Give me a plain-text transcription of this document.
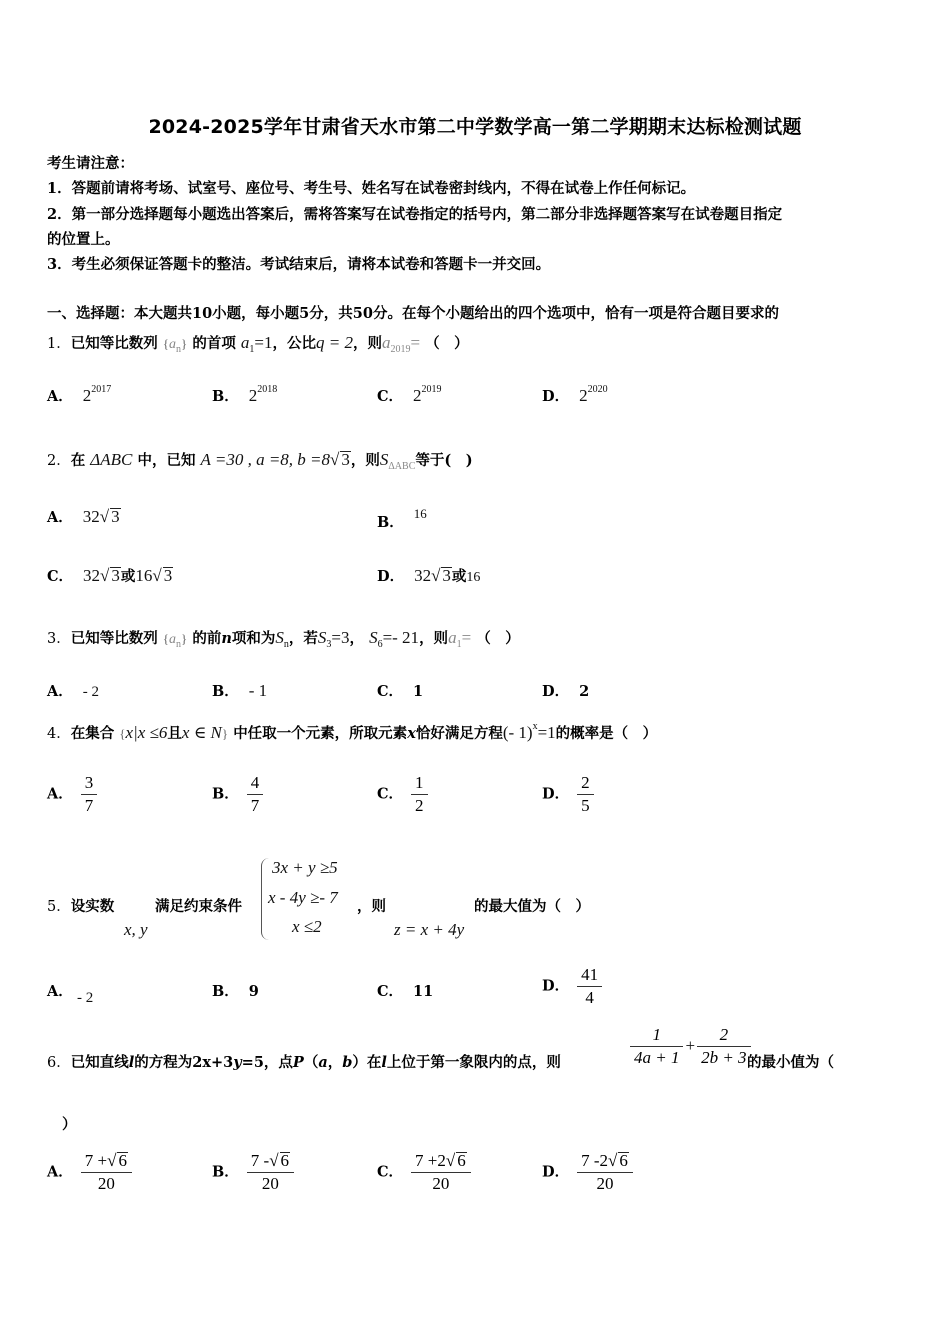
2024-2025学年甘肃省天水市第二中学数学高一第二学期期末达标检测试题
考生请注意：
1．答题前请将考场、试室号、座位号、考生号、姓名写在试卷密封线内，不得在试卷上作任何标记。
2．第一部分选择题每小题选出答案后，需将答案写在试卷指定的括号内，第二部分非选择题答案写在试卷题目指定
的位置上。
3．考生必须保证答题卡的整洁。考试结束后，请将本试卷和答题卡一并交回。
一、选择题：本大题共10小题，每小题5分，共50分。在每个小题给出的四个选项中，恰有一项是符合题目要求的
1．已知等比数列 $\{a_n\}$ 的首项 $a_1=1$，公比q = 2，则$a_{2019}=$ （　）
A． $2^{2017}$	B． $2^{2018}$	C． $2^{2019}$	D． $2^{2020}$
2．在 ΔABC 中，已知 A =30 , a =8, b =8√ 3，则$S_{\Delta ABC}$等于(　)
A． 32√ 3	B．16
C． 32√ 3或16√ 3	D． 32√ 3或16
3．已知等比数列 $\{a_n\}$ 的前n项和为$S_n$，若$S_3=3$， $S_6=-$ 21，则$a_1=$ （　）
A． - 2	B． - 1	C． 1	D． 2
4．在集合 {x|x ≤6且x ∈ N} 中任取一个元素，所取元素x恰好满足方程(- 1)$^x$=1的概率是（　）
A． $\frac{3}{7}$	B． $\frac{4}{7}$	C． $\frac{1}{2}$	D． $\frac{2}{5}$
5．设实数
x, y
满足约束条件
3x + y ≥5
x - 4y ≥- 7
x ≤2
，则
z = x + 4y
的最大值为（　）
A． - 2	B． 9	C． 11	D． $\frac{41}{4}$
6．已知直线l的方程为2x+3y=5，点P（a，b）在l上位于第一象限内的点，则	$\frac{1}{4a + 1} + \frac{2}{2b + 3}$
的最小值为（
）
A． $\frac{7 +√ 6}{20}$	B． $\frac{7 -√ 6}{20}$	C． $\frac{7 +2√ 6}{20}$	D． $\frac{7 -2√ 6}{20}$
